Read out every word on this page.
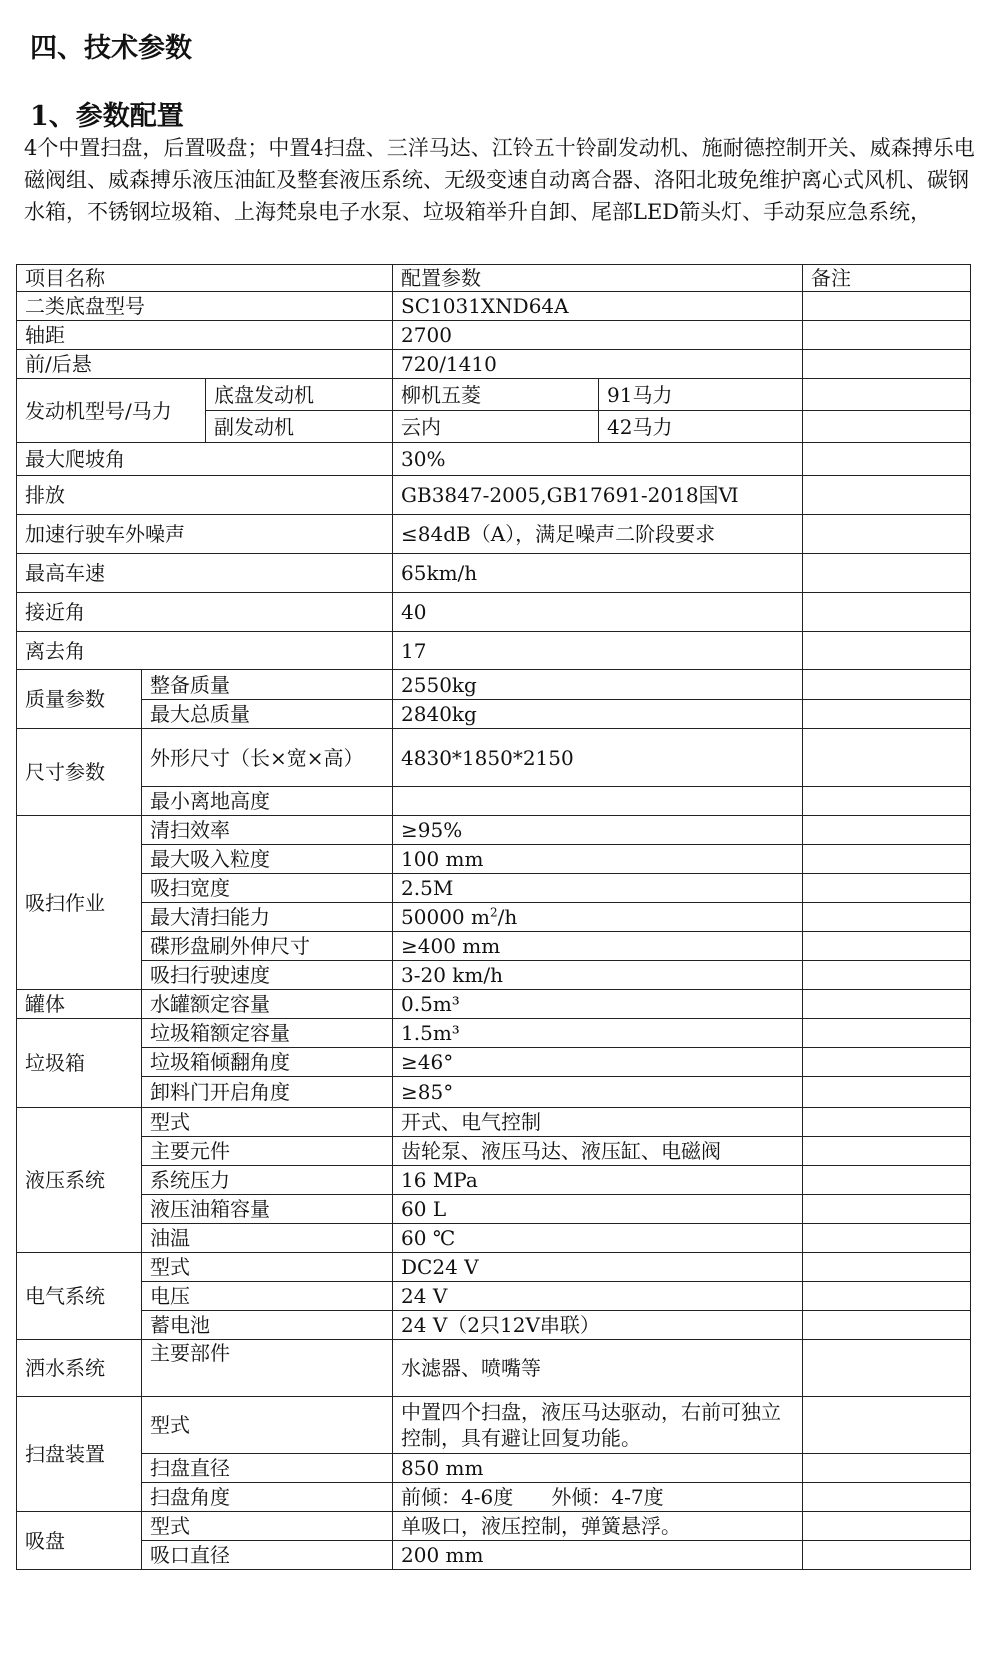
四、技术参数
1、参数配置

4个中置扫盘，后置吸盘；中置4扫盘、三洋马达、江铃五十铃副发动机、施耐德控制开关、威森搏乐电磁阀组、威森搏乐液压油缸及整套液压系统、无级变速自动离合器、洛阳北玻免维护离心式风机、碳钢水箱，不锈钢垃圾箱、上海梵泉电子水泵、垃圾箱举升自卸、尾部LED箭头灯、手动泵应急系统，

项目名称			配置参数		备注
二类底盘型号			SC1031XND64A		
轴距			2700		
前/后悬			720/1410		
发动机型号/马力		底盘发动机	柳机五菱	91马力	
		副发动机	云内	42马力	
最大爬坡角			30%		
排放			GB3847-2005,GB17691-2018国Ⅵ		
加速行驶车外噪声			≤84dB（A），满足噪声二阶段要求		
最高车速			65km/h		
接近角			40		
离去角			17		
质量参数	整备质量		2550kg		
	最大总质量		2840kg		
尺寸参数	外形尺寸（长×宽×高）		4830*1850*2150		
	最小离地高度				
吸扫作业	清扫效率		≥95%		
	最大吸入粒度		100 mm		
	吸扫宽度		2.5M		
	最大清扫能力		50000 $m^2/h$		
	碟形盘刷外伸尺寸		≥400 mm		
	吸扫行驶速度		3-20 km/h		
罐体	水罐额定容量		0.5m³		
垃圾箱	垃圾箱额定容量		1.5m³		
	垃圾箱倾翻角度		≥46°		
	卸料门开启角度		≥85°		
液压系统	型式		开式、电气控制		
	主要元件		齿轮泵、液压马达、液压缸、电磁阀		
	系统压力		16 MPa		
	液压油箱容量		60 L		
	油温		60 ℃		
电气系统	型式		DC24 V		
	电压		24 V		
	蓄电池		24 V（2只12V串联）		
洒水系统	主要部件		水滤器、喷嘴等		
扫盘装置	型式		中置四个扫盘，液压马达驱动，右前可独立控制，具有避让回复功能。		
	扫盘直径		850 mm		
	扫盘角度		前倾：4-6度      外倾：4-7度		
吸盘	型式		单吸口，液压控制，弹簧悬浮。		
	吸口直径		200 mm		
